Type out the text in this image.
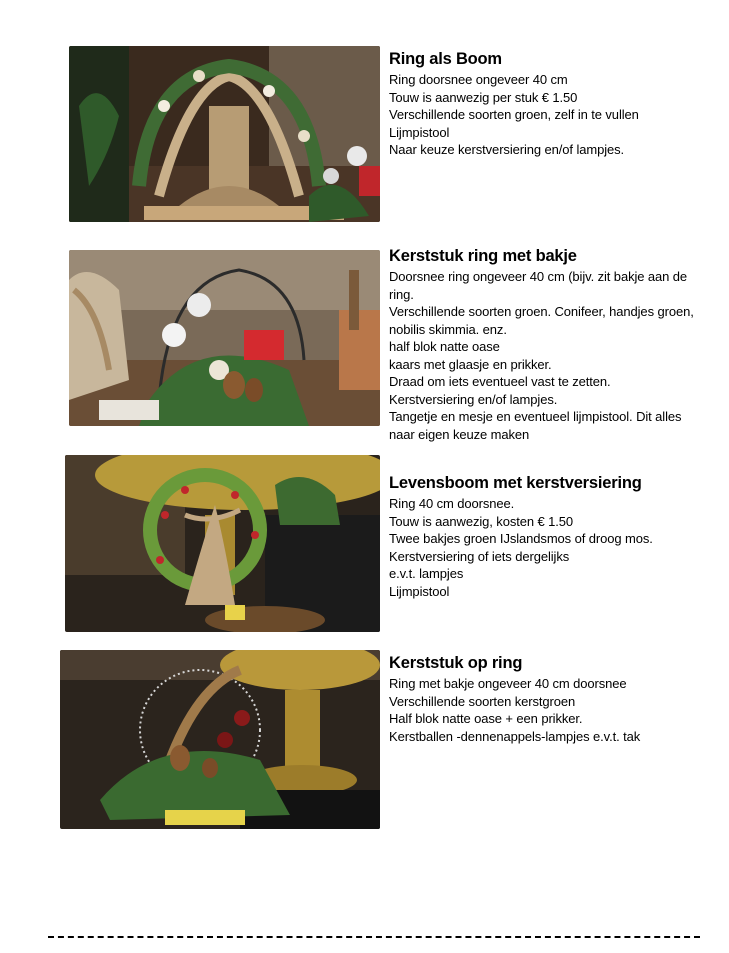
Ring als Boom
Ring doorsnee ongeveer 40 cm
Touw is aanwezig per stuk € 1.50
Verschillende soorten groen, zelf in te vullen
Lijmpistool
Naar keuze kerstversiering en/of lampjes.
Kerststuk ring met bakje
Doorsnee ring ongeveer 40 cm (bijv. zit bakje aan de
ring.
Verschillende soorten groen. Conifeer, handjes groen,
nobilis skimmia. enz.
half blok natte oase
kaars met glaasje en prikker.
Draad om iets eventueel vast te zetten.
Kerstversiering en/of lampjes.
Tangetje en mesje en eventueel lijmpistool. Dit alles
naar eigen keuze maken
Levensboom met kerstversiering
Ring 40 cm doorsnee.
Touw is aanwezig, kosten € 1.50
Twee bakjes groen IJslandsmos of droog mos.
Kerstversiering of iets dergelijks
e.v.t. lampjes
Lijmpistool
Kerststuk op ring
Ring met bakje ongeveer 40 cm doorsnee
Verschillende soorten kerstgroen
Half blok natte oase + een prikker.
Kerstballen -dennenappels-lampjes e.v.t. tak
